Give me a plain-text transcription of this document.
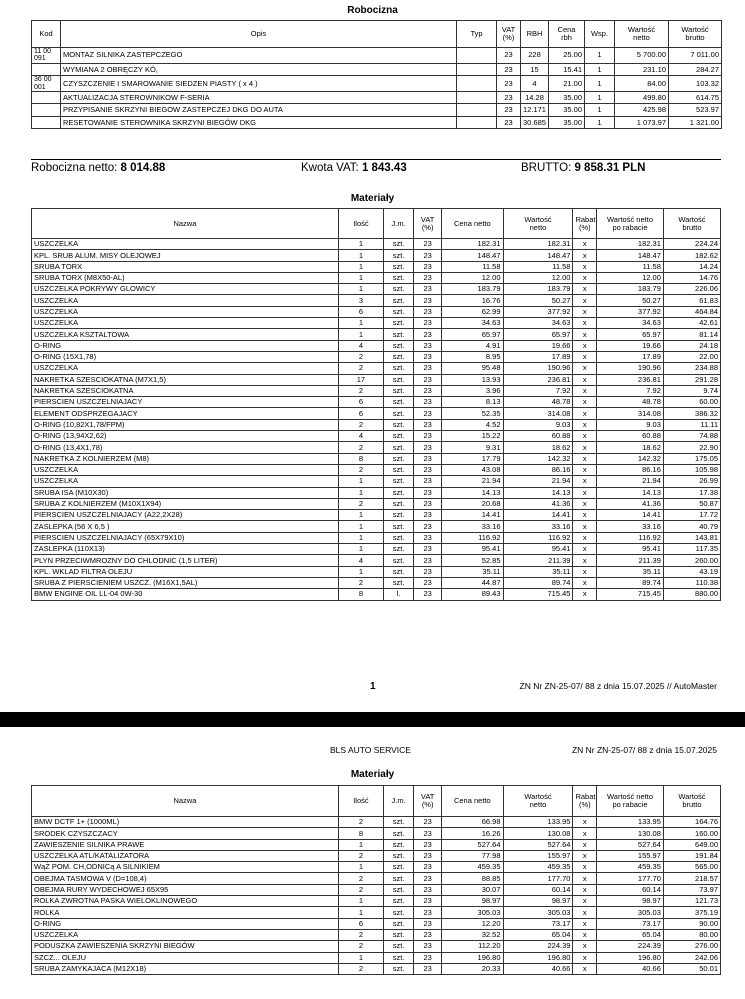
Robocizna
Kod	Opis	Typ	VAT
(%)	RBH	Cena
rbh	Wsp.	Wartość
netto	Wartość
brutto
11 00
091	MONTAZ SILNIKA ZASTEPCZEGO		23	228	25.00	1	5 700.00	7 011.00
	WYMIANA 2 OBRĘCZY KÓ,		23	15	15.41	1	231.10	284.27
36 00
001	CZYSZCZENIE I SMAROWANIE SIEDZEN PIASTY ( x 4 )		23	4	21.00	1	84.00	103.32
	AKTUALIZACJA STEROWNIKOW F-SERIA		23	14.28	35.00	1	499.80	614.75
	PRZYPISANIE SKRZYNI BIEGOW ZASTEPCZEJ DKG DO AUTA		23	12.171	35.00	1	425.98	523.97
	RESETOWANIE STEROWNIKA SKRZYNI BIEGÓW DKG		23	30.685	35.00	1	1 073.97	1 321.00
Robocizna netto: 8 014.88	Kwota VAT: 1 843.43	BRUTTO: 9 858.31 PLN
Materiały
Nazwa	Ilość	J.m.	VAT
(%)	Cena netto	Wartość
netto	Rabat
(%)	Wartość netto
po rabacie	Wartość
brutto
USZCZELKA	1	szt.	23	182.31	182.31	x	182.31	224.24
KPL. SRUB ALUM. MISY OLEJOWEJ	1	szt.	23	148.47	148.47	x	148.47	182.62
SRUBA TORX	1	szt.	23	11.58	11.58	x	11.58	14.24
SRUBA TORX (M8X50-AL)	1	szt.	23	12.00	12.00	x	12.00	14.76
USZCZELKA POKRYWY GLOWICY	1	szt.	23	183.79	183.79	x	183.79	226.06
USZCZELKA	3	szt.	23	16.76	50.27	x	50.27	61.83
USZCZELKA	6	szt.	23	62.99	377.92	x	377.92	464.84
USZCZELKA	1	szt.	23	34.63	34.63	x	34.63	42.61
USZCZELKA KSZTALTOWA	1	szt.	23	65.97	65.97	x	65.97	81.14
O-RING	4	szt.	23	4.91	19.66	x	19.66	24.18
O-RING (15X1,78)	2	szt.	23	8.95	17.89	x	17.89	22.00
USZCZELKA	2	szt.	23	95.48	190.96	x	190.96	234.88
NAKRETKA SZESCIOKATNA (M7X1,5)	17	szt.	23	13.93	236.81	x	236.81	291.28
NAKRETKA SZESCIOKATNA	2	szt.	23	3.96	7.92	x	7.92	9.74
PIERSCIEN USZCZELNIAJACY	6	szt.	23	8.13	48.78	x	48.78	60.00
ELEMENT ODSPRZEGAJACY	6	szt.	23	52.35	314.08	x	314.08	386.32
O-RING (10,82X1,78/FPM)	2	szt.	23	4.52	9.03	x	9.03	11.11
O-RING (13,94X2,62)	4	szt.	23	15.22	60.88	x	60.88	74.88
O-RING (13,4X1,78)	2	szt.	23	9.31	18.62	x	18.62	22.90
NAKRETKA Z KOLNIERZEM (M8)	8	szt.	23	17.79	142.32	x	142.32	175.05
USZCZELKA	2	szt.	23	43.08	86.16	x	86.16	105.98
USZCZELKA	1	szt.	23	21.94	21.94	x	21.94	26.99
SRUBA ISA (M10X30)	1	szt.	23	14.13	14.13	x	14.13	17.38
SRUBA Z KOLNIERZEM (M10X1X94)	2	szt.	23	20.68	41.36	x	41.36	50.87
PIERSCIEN USZCZELNIAJACY (A22,2X28)	1	szt.	23	14.41	14.41	x	14.41	17.72
ZASLEPKA (56 X 6,5 )	1	szt.	23	33.16	33.16	x	33.16	40.79
PIERSCIEN USZCZELNIAJACY (65X79X10)	1	szt.	23	116.92	116.92	x	116.92	143.81
ZASLEPKA (110X13)	1	szt.	23	95.41	95.41	x	95.41	117.35
PLYN PRZECIWMROZNY DO CHLODNIC (1,5 LITER)	4	szt.	23	52.85	211.39	x	211.39	260.00
KPL. WKLAD FILTRA OLEJU	1	szt.	23	35.11	35.11	x	35.11	43.19
SRUBA Z PIERSCIENIEM USZCZ. (M16X1,5AL)	2	szt.	23	44.87	89.74	x	89.74	110.38
BMW ENGINE OIL LL-04 0W-30	8	l.	23	89.43	715.45	x	715.45	880.00
1	ZN Nr ZN-25-07/ 88 z dnia 15.07.2025 // AutoMaster
BLS AUTO SERVICE	ZN Nr ZN-25-07/ 88 z dnia 15.07.2025
Materiały
Nazwa	Ilość	J.m.	VAT
(%)	Cena netto	Wartość
netto	Rabat
(%)	Wartość netto
po rabacie	Wartość
brutto
BMW DCTF 1+ (1000ML)	2	szt.	23	66.98	133.95	x	133.95	164.76
SRODEK CZYSZCZACY	8	szt.	23	16.26	130.08	x	130.08	160.00
ZAWIESZENIE SILNIKA PRAWE	1	szt.	23	527.64	527.64	x	527.64	649.00
USZCZELKA ATL/KATALIZATORA	2	szt.	23	77.98	155.97	x	155.97	191.84
WąŻ POM. CH,ODNICą A SILNIKIEM	1	szt.	23	459.35	459.35	x	459.35	565.00
OBEJMA TASMOWA V (D=108,4)	2	szt.	23	88.85	177.70	x	177.70	218.57
OBEJMA RURY WYDECHOWEJ 65X95	2	szt.	23	30.07	60.14	x	60.14	73.97
ROLKA ZWROTNA PASKA WIELOKLINOWEGO	1	szt.	23	98.97	98.97	x	98.97	121.73
ROLKA	1	szt.	23	305.03	305.03	x	305.03	375.19
O-RING	6	szt.	23	12.20	73.17	x	73.17	90.00
USZCZELKA	2	szt.	23	32.52	65.04	x	65.04	80.00
PODUSZKA ZAWIESZENIA SKRZYNI BIEGÓW	2	szt.	23	112.20	224.39	x	224.39	276.00
SZCZ... OLEJU	1	szt.	23	196.80	196.80	x	196.80	242.06
SRUBA ZAMYKAJACA (M12X18)	2	szt.	23	20.33	40.66	x	40.66	50.01
